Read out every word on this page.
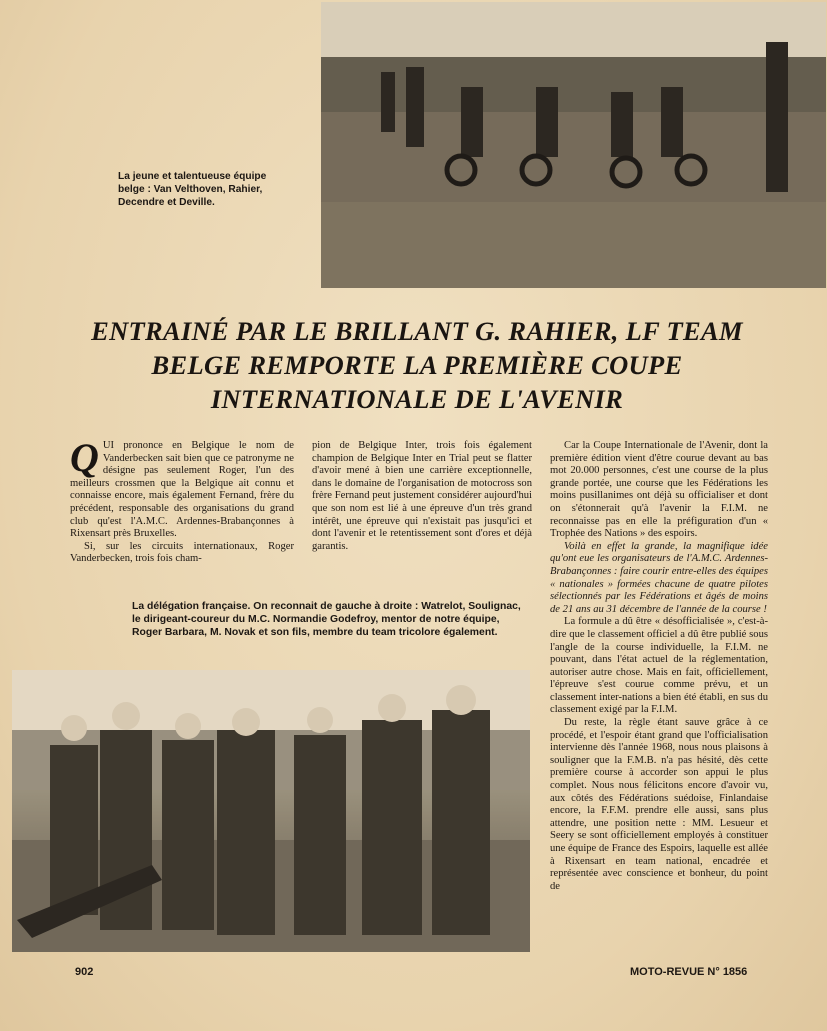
La jeune et talentueuse équipe belge : Van Velthoven, Rahier, Decendre et Deville.
ENTRAINÉ PAR LE BRILLANT G. RAHIER, LF TEAM BELGE REMPORTE LA PREMIÈRE COUPE INTERNATIONALE DE L'AVENIR
Q UI prononce en Belgique le nom de Vanderbecken sait bien que ce patronyme ne désigne pas seulement Roger, l'un des meilleurs crossmen que la Belgique ait connu et connaisse encore, mais également Fernand, frère du précédent, responsable des organisations du grand club qu'est l'A.M.C. Ardennes-Brabançonnes à Rixensart près Bruxelles.

Si, sur les circuits internationaux, Roger Vanderbecken, trois fois cham-

pion de Belgique Inter, trois fois également champion de Belgique Inter en Trial peut se flatter d'avoir mené à bien une carrière exceptionnelle, dans le domaine de l'organisation de motocross son frère Fernand peut justement considérer aujourd'hui que son nom est lié à une épreuve d'un très grand intérêt, une épreuve qui n'existait pas jusqu'ici et dont l'avenir et le retentissement sont d'ores et déjà garantis.

Car la Coupe Internationale de l'Avenir, dont la première édition vient d'être courue devant au bas mot 20.000 personnes, c'est une course de la plus grande portée, une course que les Fédérations les moins pusillanimes ont déjà su officialiser et dont on s'étonnerait qu'à l'avenir la F.I.M. ne reconnaisse pas en elle la préfiguration d'un « Trophée des Nations » des espoirs.

Voilà en effet la grande, la magnifique idée qu'ont eue les organisateurs de l'A.M.C. Ardennes-Brabançonnes : faire courir entre-elles des équipes « nationales » formées chacune de quatre pilotes sélectionnés par les Fédérations et âgés de moins de 21 ans au 31 décembre de l'année de la course !

La formule a dû être « désofficialisée », c'est-à-dire que le classement officiel a dû être publié sous l'angle de la course individuelle, la F.I.M. ne pouvant, dans l'état actuel de la réglementation, autoriser autre chose. Mais en fait, officiellement, l'épreuve s'est courue comme prévu, et un classement inter-nations a bien été établi, en sus du classement exigé par la F.I.M.

Du reste, la règle étant sauve grâce à ce procédé, et l'espoir étant grand que l'officialisation intervienne dès l'année 1968, nous nous plaisons à souligner que la F.M.B. n'a pas hésité, dès cette première course à accorder son appui le plus complet. Nous nous félicitons encore d'avoir vu, aux côtés des Fédérations suédoise, Finlandaise encore, la F.F.M. prendre elle aussi, sans plus attendre, une position nette : MM. Lesueur et Seery se sont officiellement employés à constituer une équipe de France des Espoirs, laquelle est allée à Rixensart en team national, encadrée et représentée avec conscience et bonheur, du point de

La délégation française. On reconnait de gauche à droite : Watrelot, Soulignac, le dirigeant-coureur du M.C. Normandie Godefroy, mentor de notre équipe, Roger Barbara, M. Novak et son fils, membre du team tricolore également.
902	MOTO-REVUE N° 1856
